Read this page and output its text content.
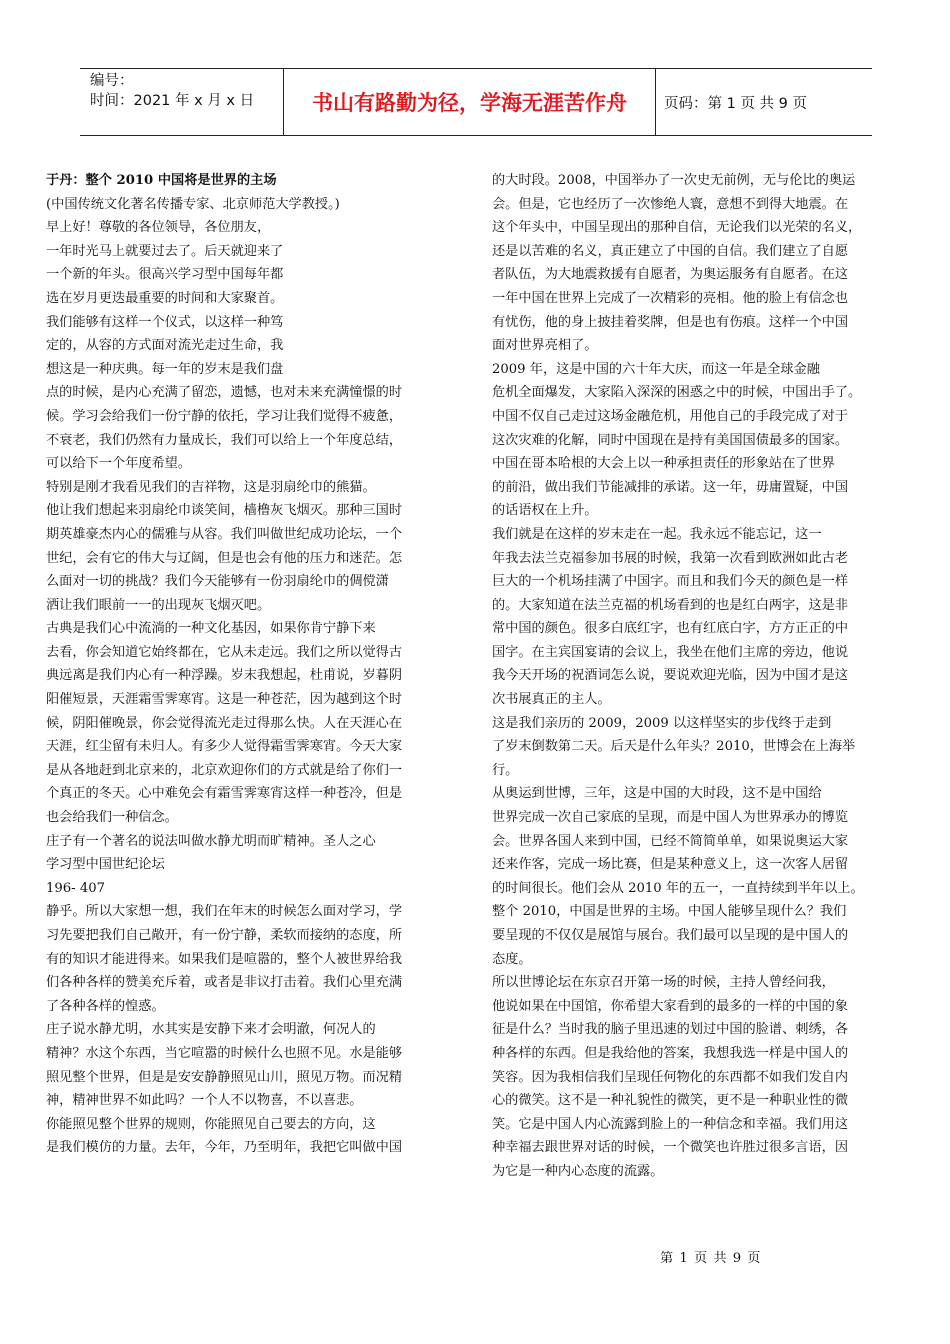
编号：
时间：2021 年 x 月 x 日	书山有路勤为径，学海无涯苦作舟	页码：第 1 页 共 9 页
于丹：整个 2010 中国将是世界的主场
(中国传统文化著名传播专家、北京师范大学教授。)
早上好！尊敬的各位领导，各位朋友，
一年时光马上就要过去了。后天就迎来了
一个新的年头。很高兴学习型中国每年都
选在岁月更迭最重要的时间和大家聚首。
我们能够有这样一个仪式，以这样一种笃
定的，从容的方式面对流光走过生命，我
想这是一种庆典。每一年的岁末是我们盘
点的时候，是内心充满了留恋，遗憾，也对未来充满憧憬的时
候。学习会给我们一份宁静的依托，学习让我们觉得不疲惫，
不衰老，我们仍然有力量成长，我们可以给上一个年度总结，
可以给下一个年度希望。
特别是刚才我看见我们的吉祥物，这是羽扇纶巾的熊猫。
他让我们想起来羽扇纶巾谈笑间，樯橹灰飞烟灭。那种三国时
期英雄豪杰内心的儒雅与从容。我们叫做世纪成功论坛，一个
世纪，会有它的伟大与辽阔，但是也会有他的压力和迷茫。怎
么面对一切的挑战？我们今天能够有一份羽扇纶巾的倜傥潇
洒让我们眼前一一的出现灰飞烟灭吧。
古典是我们心中流淌的一种文化基因，如果你肯宁静下来
去看，你会知道它始终都在，它从未走远。我们之所以觉得古
典远离是我们内心有一种浮躁。岁末我想起，杜甫说，岁暮阴
阳催短景，天涯霜雪霁寒宵。这是一种苍茫，因为越到这个时
候，阴阳催晚景，你会觉得流光走过得那么快。人在天涯心在
天涯，红尘留有未归人。有多少人觉得霜雪霁寒宵。今天大家
是从各地赶到北京来的，北京欢迎你们的方式就是给了你们一
个真正的冬天。心中难免会有霜雪霁寒宵这样一种苍冷，但是
也会给我们一种信念。
庄子有一个著名的说法叫做水静尤明而旷精神。圣人之心
学习型中国世纪论坛
196- 407
静乎。所以大家想一想，我们在年末的时候怎么面对学习，学
习先要把我们自己敞开，有一份宁静，柔软而接纳的态度，所
有的知识才能进得来。如果我们是喧嚣的，整个人被世界给我
们各种各样的赞美充斥着，或者是非议打击着。我们心里充满
了各种各样的惶惑。
庄子说水静尤明，水其实是安静下来才会明澈，何况人的
精神？水这个东西，当它喧嚣的时候什么也照不见。水是能够
照见整个世界，但是是安安静静照见山川，照见万物。而况精
神，精神世界不如此吗？一个人不以物喜，不以喜悲。
你能照见整个世界的规则，你能照见自己要去的方向，这
是我们模仿的力量。去年，今年，乃至明年，我把它叫做中国
的大时段。2008，中国举办了一次史无前例，无与伦比的奥运
会。但是，它也经历了一次惨绝人寰，意想不到得大地震。在
这个年头中，中国呈现出的那种自信，无论我们以光荣的名义，
还是以苦难的名义，真正建立了中国的自信。我们建立了自愿
者队伍，为大地震救援有自愿者，为奥运服务有自愿者。在这
一年中国在世界上完成了一次精彩的亮相。他的脸上有信念也
有忧伤，他的身上披挂着奖牌，但是也有伤痕。这样一个中国
面对世界亮相了。
2009 年，这是中国的六十年大庆，而这一年是全球金融
危机全面爆发，大家陷入深深的困惑之中的时候，中国出手了。
中国不仅自己走过这场金融危机，用他自己的手段完成了对于
这次灾难的化解，同时中国现在是持有美国国债最多的国家。
中国在哥本哈根的大会上以一种承担责任的形象站在了世界
的前沿，做出我们节能减排的承诺。这一年，毋庸置疑，中国
的话语权在上升。
我们就是在这样的岁末走在一起。我永远不能忘记，这一
年我去法兰克福参加书展的时候，我第一次看到欧洲如此古老
巨大的一个机场挂满了中国字。而且和我们今天的颜色是一样
的。大家知道在法兰克福的机场看到的也是红白两字，这是非
常中国的颜色。很多白底红字，也有红底白字，方方正正的中
国字。在主宾国宴请的会议上，我坐在他们主席的旁边，他说
我今天开场的祝酒词怎么说，要说欢迎光临，因为中国才是这
次书展真正的主人。
这是我们亲历的 2009，2009 以这样坚实的步伐终于走到
了岁末倒数第二天。后天是什么年头？2010，世博会在上海举
行。
从奥运到世博，三年，这是中国的大时段，这不是中国给
世界完成一次自己家底的呈现，而是中国人为世界承办的博览
会。世界各国人来到中国，已经不简简单单，如果说奥运大家
还来作客，完成一场比赛，但是某种意义上，这一次客人居留
的时间很长。他们会从 2010 年的五一，一直持续到半年以上。
整个 2010，中国是世界的主场。中国人能够呈现什么？我们
要呈现的不仅仅是展馆与展台。我们最可以呈现的是中国人的
态度。
所以世博论坛在东京召开第一场的时候，主持人曾经问我，
他说如果在中国馆，你希望大家看到的最多的一样的中国的象
征是什么？当时我的脑子里迅速的划过中国的脸谱、刺绣，各
种各样的东西。但是我给他的答案，我想我选一样是中国人的
笑容。因为我相信我们呈现任何物化的东西都不如我们发自内
心的微笑。这不是一种礼貌性的微笑，更不是一种职业性的微
笑。它是中国人内心流露到脸上的一种信念和幸福。我们用这
种幸福去跟世界对话的时候，一个微笑也许胜过很多言语，因
为它是一种内心态度的流露。
第 1 页 共 9 页
